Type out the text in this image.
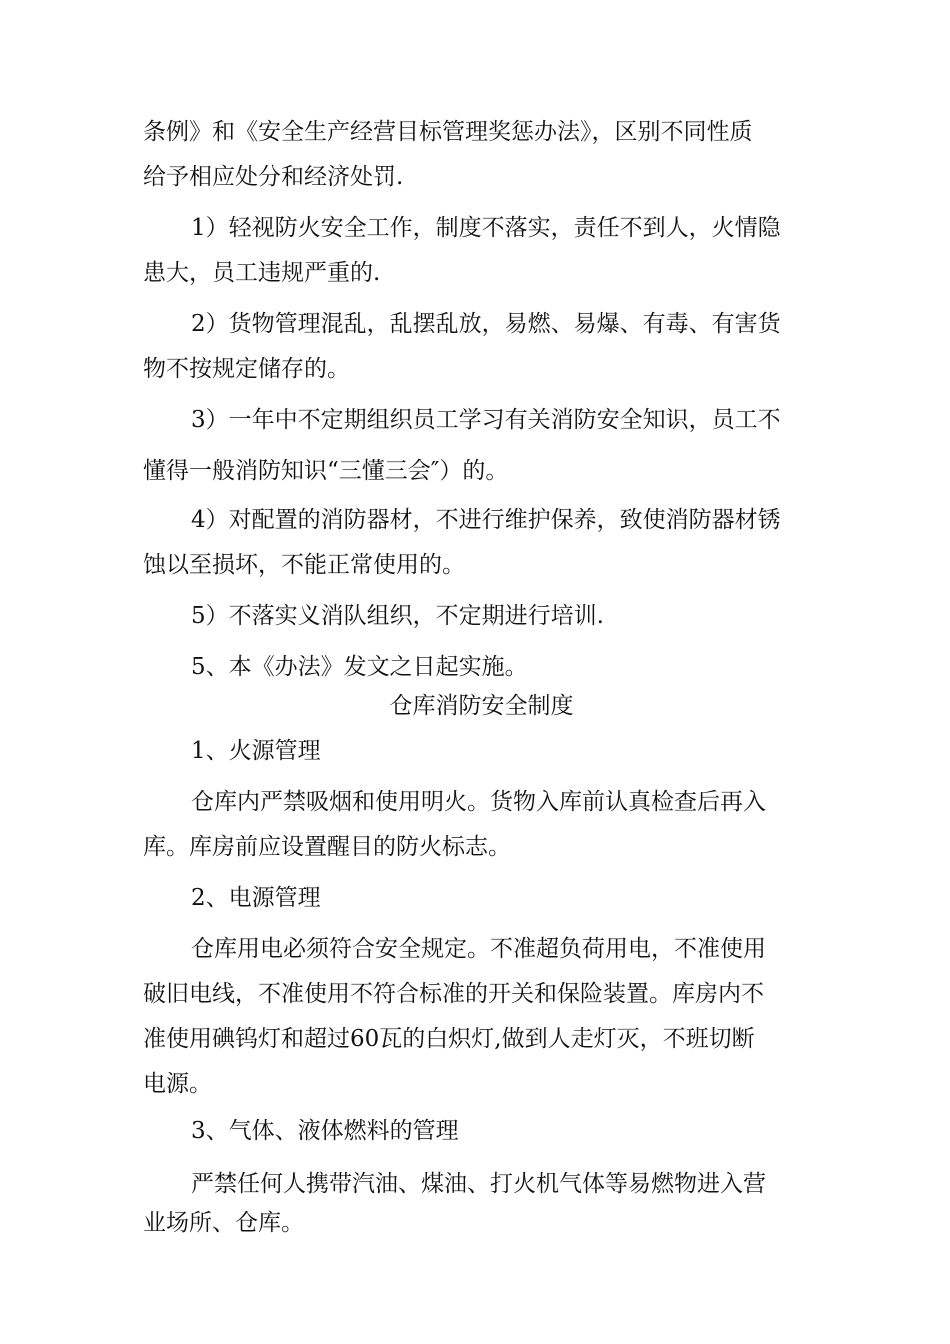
条例》和《安全生产经营目标管理奖惩办法》，区别不同性质
给予相应处分和经济处罚.

1）轻视防火安全工作，制度不落实，责任不到人，火情隐
患大，员工违规严重的.

2）货物管理混乱，乱摆乱放，易燃、易爆、有毒、有害货
物不按规定储存的。

3）一年中不定期组织员工学习有关消防安全知识，员工不
懂得一般消防知识“三懂三会″）的。

4）对配置的消防器材，不进行维护保养，致使消防器材锈
蚀以至损坏，不能正常使用的。

5）不落实义消队组织，不定期进行培训.

5、本《办法》发文之日起实施。

仓库消防安全制度

1、火源管理

仓库内严禁吸烟和使用明火。货物入库前认真检查后再入
库。库房前应设置醒目的防火标志。

2、电源管理

仓库用电必须符合安全规定。不准超负荷用电，不准使用
破旧电线，不准使用不符合标准的开关和保险装置。库房内不
准使用碘钨灯和超过60瓦的白炽灯,做到人走灯灭，不班切断
电源。

3、气体、液体燃料的管理

严禁任何人携带汽油、煤油、打火机气体等易燃物进入营
业场所、仓库。
